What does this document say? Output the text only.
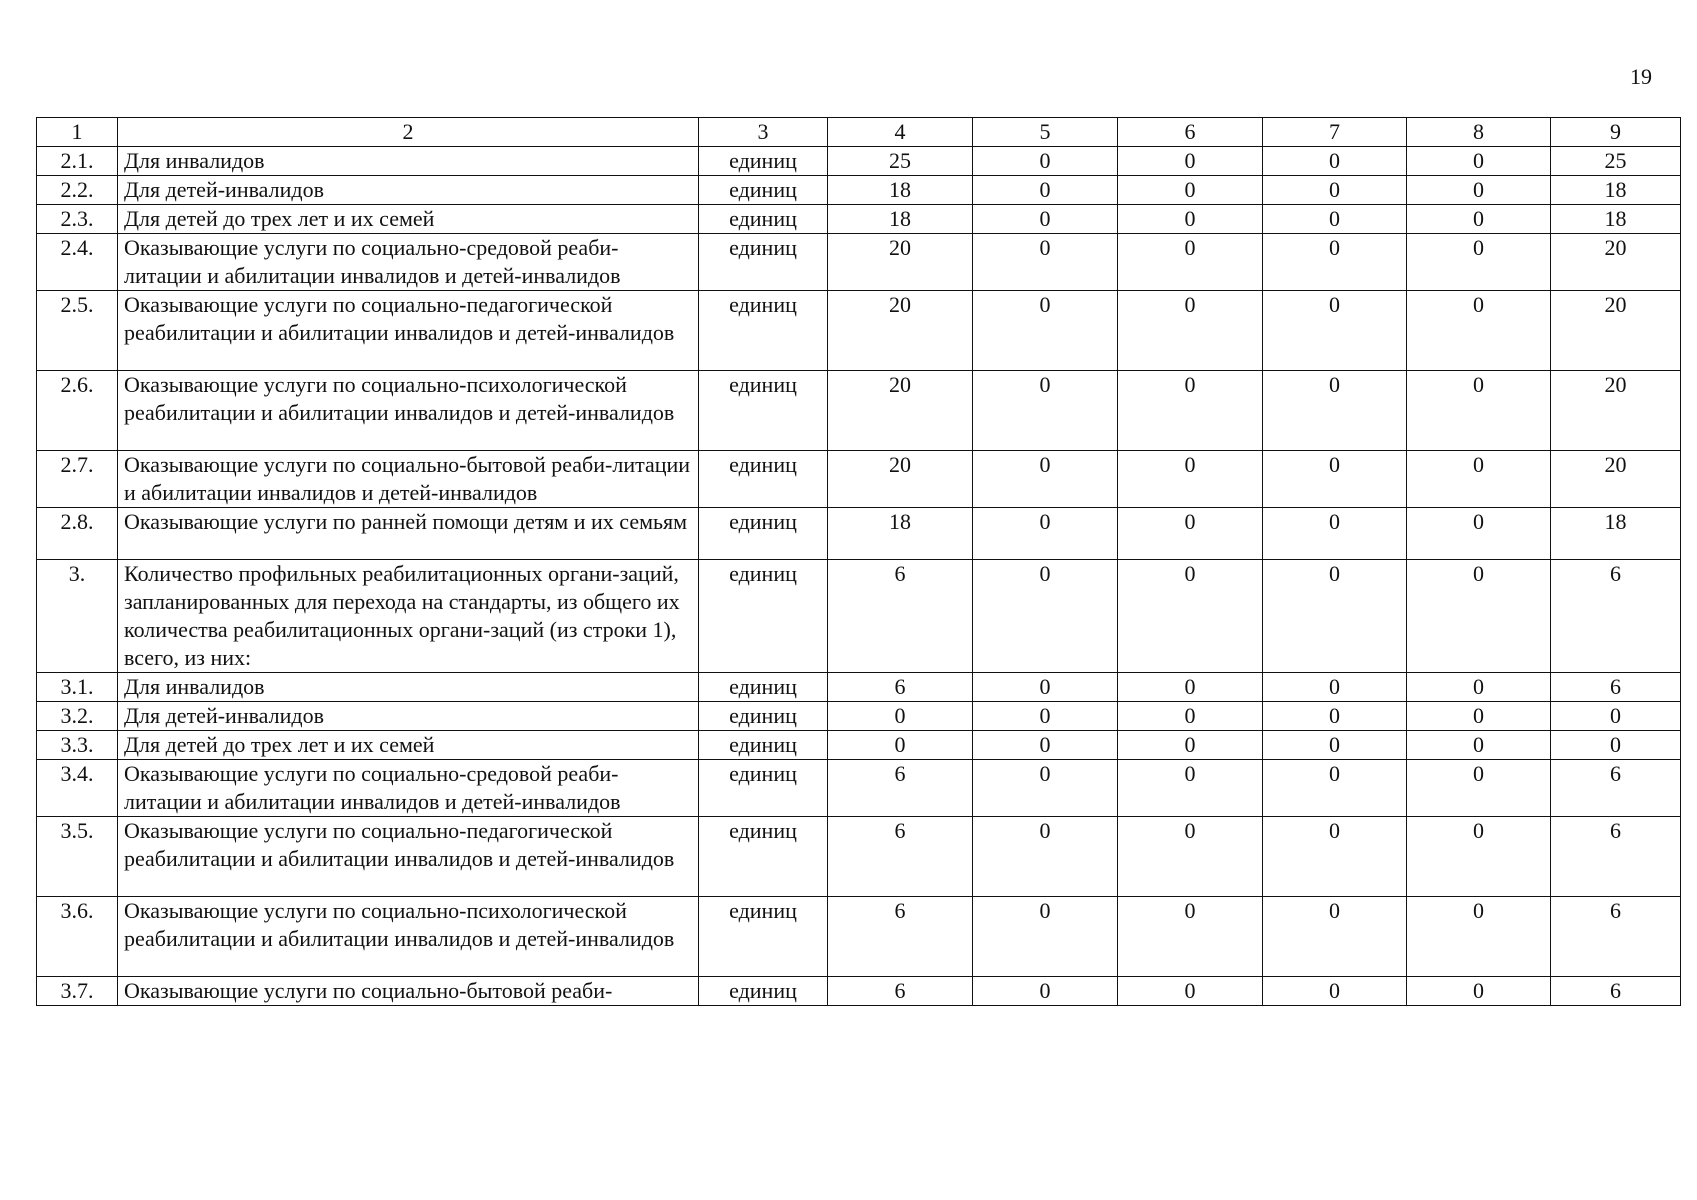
19
1	2	3	4	5	6	7	8	9
2.1.	Для инвалидов	единиц	25	0	0	0	0	25
2.2.	Для детей-инвалидов	единиц	18	0	0	0	0	18
2.3.	Для детей до трех лет и их семей	единиц	18	0	0	0	0	18
2.4.	Оказывающие услуги по социально-средовой реаби-литации и абилитации инвалидов и детей-инвалидов	единиц	20	0	0	0	0	20
2.5.	Оказывающие услуги по социально-педагогической реабилитации и абилитации инвалидов и детей-инвалидов	единиц	20	0	0	0	0	20
2.6.	Оказывающие услуги по социально-психологической реабилитации и абилитации инвалидов и детей-инвалидов	единиц	20	0	0	0	0	20
2.7.	Оказывающие услуги по социально-бытовой реаби-литации и абилитации инвалидов и детей-инвалидов	единиц	20	0	0	0	0	20
2.8.	Оказывающие услуги по ранней помощи детям и их семьям	единиц	18	0	0	0	0	18
3.	Количество профильных реабилитационных органи-заций, запланированных для перехода на стандарты, из общего их количества реабилитационных органи-заций (из строки 1), всего, из них:	единиц	6	0	0	0	0	6
3.1.	Для инвалидов	единиц	6	0	0	0	0	6
3.2.	Для детей-инвалидов	единиц	0	0	0	0	0	0
3.3.	Для детей до трех лет и их семей	единиц	0	0	0	0	0	0
3.4.	Оказывающие услуги по социально-средовой реаби-литации и абилитации инвалидов и детей-инвалидов	единиц	6	0	0	0	0	6
3.5.	Оказывающие услуги по социально-педагогической реабилитации и абилитации инвалидов и детей-инвалидов	единиц	6	0	0	0	0	6
3.6.	Оказывающие услуги по социально-психологической реабилитации и абилитации инвалидов и детей-инвалидов	единиц	6	0	0	0	0	6
3.7.	Оказывающие услуги по социально-бытовой реаби-	единиц	6	0	0	0	0	6
